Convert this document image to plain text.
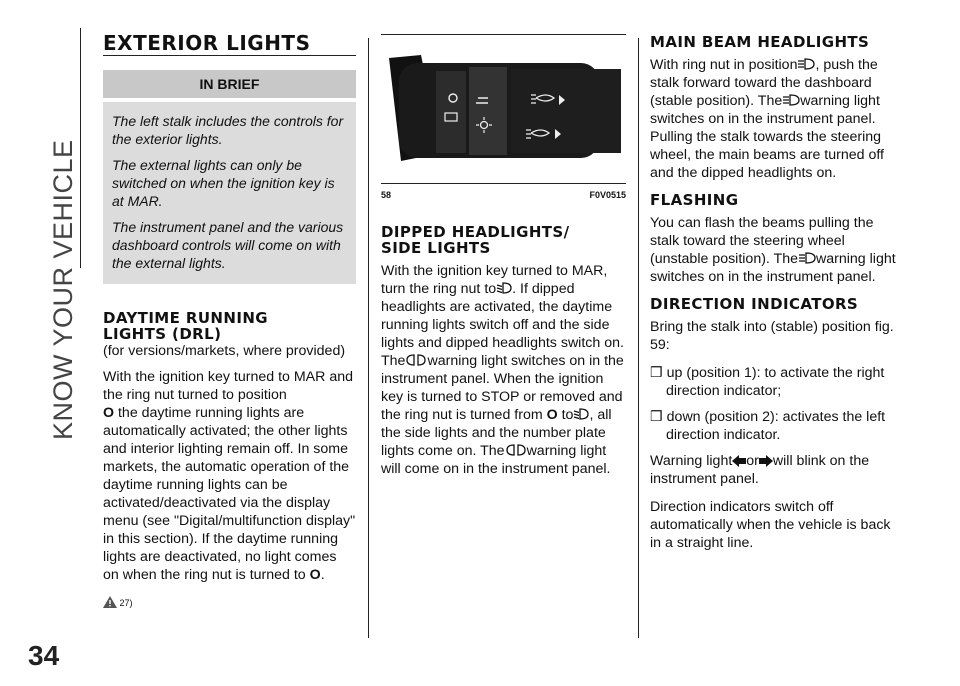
KNOW YOUR VEHICLE
34
EXTERIOR LIGHTS
IN BRIEF

The left stalk includes the controls for the exterior lights.

The external lights can only be switched on when the ignition key is at MAR.

The instrument panel and the various dashboard controls will come on with the external lights.

DAYTIME RUNNING
LIGHTS (DRL)

(for versions/markets, where provided)

With the ignition key turned to MAR and the ring nut turned to position
O the daytime running lights are automatically activated; the other lights and interior lighting remain off. In some markets, the automatic operation of the daytime running lights can be activated/deactivated via the display menu (see "Digital/multifunction display" in this section). If the daytime running lights are deactivated, no light comes on when the ring nut is turned to O.

27)
58	F0V0515
DIPPED HEADLIGHTS/
SIDE LIGHTS

With the ignition key turned to MAR, turn the ring nut to . If dipped headlights are activated, the daytime running lights switch off and the side lights and dipped headlights switch on. The warning light switches on in the instrument panel. When the ignition key is turned to STOP or removed and the ring nut is turned from O to , all the side lights and the number plate lights come on. The warning light will come on in the instrument panel.

MAIN BEAM HEADLIGHTS

With ring nut in position , push the stalk forward toward the dashboard (stable position). The warning light switches on in the instrument panel. Pulling the stalk towards the steering wheel, the main beams are turned off and the dipped headlights on.

FLASHING

You can flash the beams pulling the stalk toward the steering wheel (unstable position). The warning light switches on in the instrument panel.

DIRECTION INDICATORS

Bring the stalk into (stable) position fig. 59:

❒ up (position 1): to activate the right direction indicator;

❒ down (position 2): activates the left direction indicator.

Warning light or will blink on the instrument panel.

Direction indicators switch off automatically when the vehicle is back in a straight line.
